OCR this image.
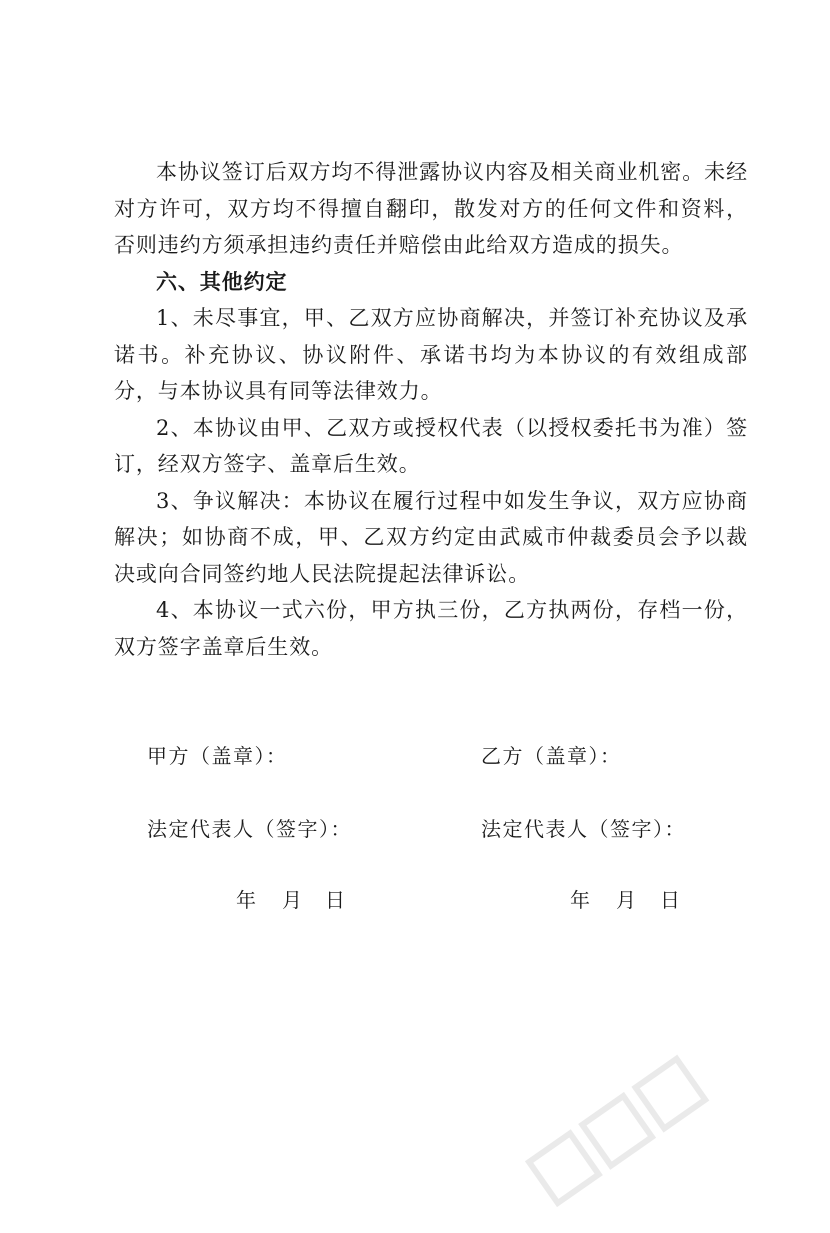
本协议签订后双方均不得泄露协议内容及相关商业机密。未经对方许可，双方均不得擅自翻印，散发对方的任何文件和资料，否则违约方须承担违约责任并赔偿由此给双方造成的损失。

六、其他约定

1、未尽事宜，甲、乙双方应协商解决，并签订补充协议及承诺书。补充协议、协议附件、承诺书均为本协议的有效组成部分，与本协议具有同等法律效力。

2、本协议由甲、乙双方或授权代表（以授权委托书为准）签订，经双方签字、盖章后生效。

3、争议解决：本协议在履行过程中如发生争议，双方应协商解决；如协商不成，甲、乙双方约定由武威市仲裁委员会予以裁决或向合同签约地人民法院提起法律诉讼。

4、本协议一式六份，甲方执三份，乙方执两份，存档一份，双方签字盖章后生效。

甲方（盖章）：
法定代表人（签字）：
年 月 日
乙方（盖章）：
法定代表人（签字）：
年 月 日
